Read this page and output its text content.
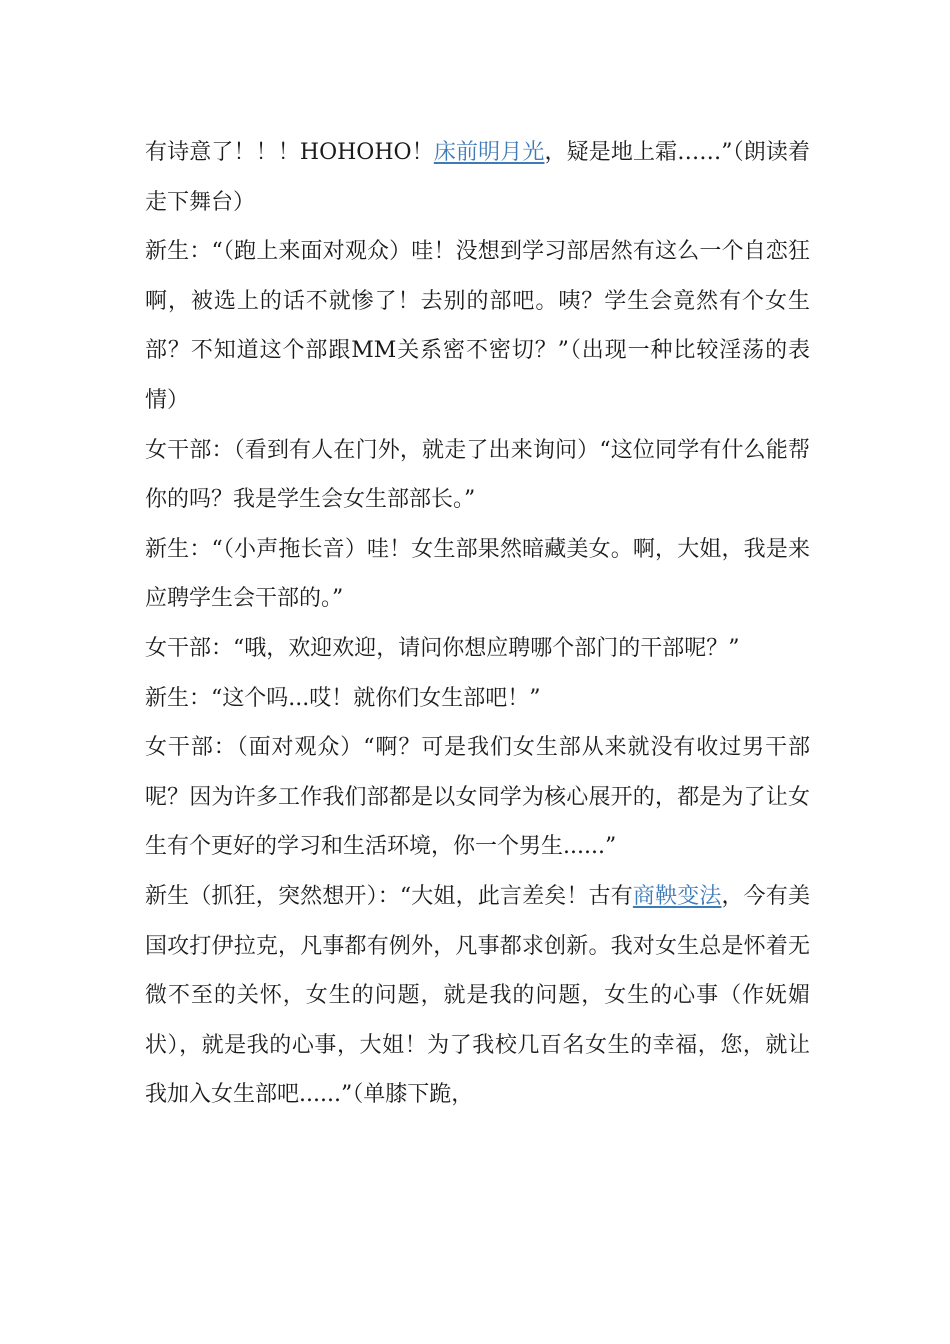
有诗意了！！！HOHOHO！床前明月光，疑是地上霜……”（朗读着走下舞台）

新生：“（跑上来面对观众）哇！没想到学习部居然有这么一个自恋狂啊，被选上的话不就惨了！去别的部吧。咦？学生会竟然有个女生部？不知道这个部跟MM关系密不密切？”（出现一种比较淫荡的表情）

女干部：（看到有人在门外，就走了出来询问）“这位同学有什么能帮你的吗？我是学生会女生部部长。”

新生：“（小声拖长音）哇！女生部果然暗藏美女。啊，大姐，我是来应聘学生会干部的。”

女干部：“哦，欢迎欢迎，请问你想应聘哪个部门的干部呢？”

新生：“这个吗...哎！就你们女生部吧！”

女干部：（面对观众）“啊？可是我们女生部从来就没有收过男干部呢？因为许多工作我们部都是以女同学为核心展开的，都是为了让女生有个更好的学习和生活环境，你一个男生......”

新生（抓狂，突然想开）：“大姐，此言差矣！古有商鞅变法，今有美国攻打伊拉克，凡事都有例外，凡事都求创新。我对女生总是怀着无微不至的关怀，女生的问题，就是我的问题，女生的心事（作妩媚状），就是我的心事，大姐！为了我校几百名女生的幸福，您，就让我加入女生部吧......”（单膝下跪，
